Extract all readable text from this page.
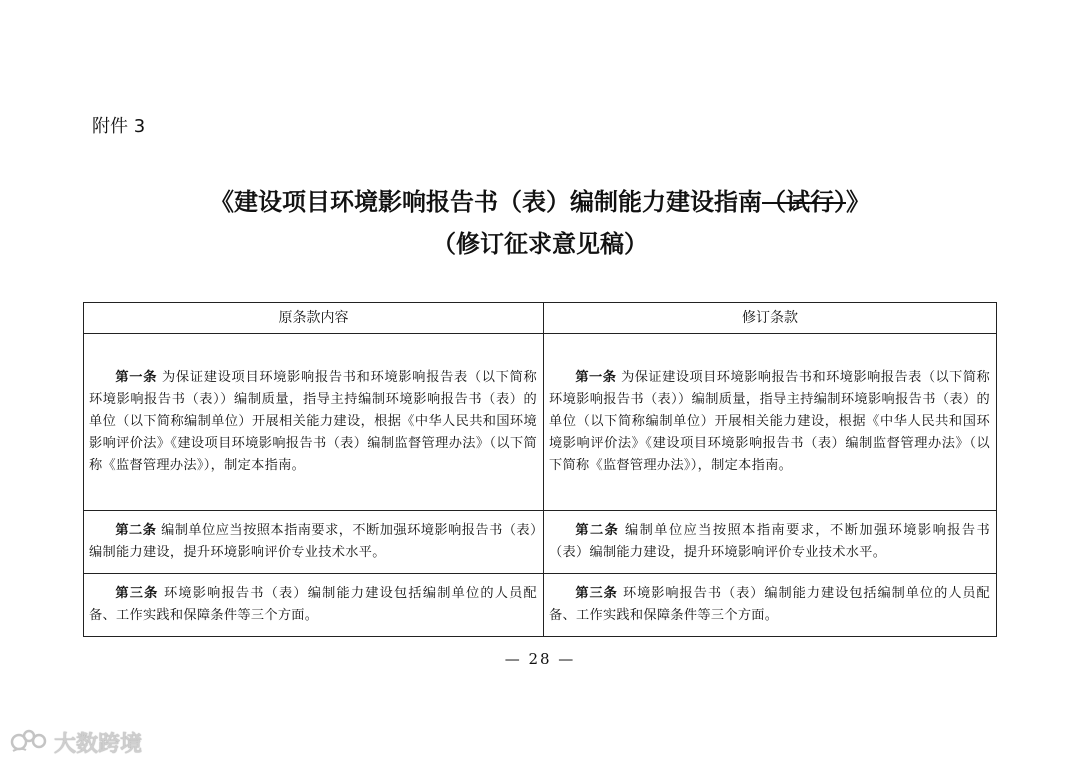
附件 3
《建设项目环境影响报告书（表）编制能力建设指南（试行）》
（修订征求意见稿）
原条款内容	修订条款

第一条 为保证建设项目环境影响报告书和环境影响报告表（以下简称环境影响报告书（表））编制质量，指导主持编制环境影响报告书（表）的单位（以下简称编制单位）开展相关能力建设，根据《中华人民共和国环境影响评价法》《建设项目环境影响报告书（表）编制监督管理办法》（以下简称《监督管理办法》），制定本指南。	第一条 为保证建设项目环境影响报告书和环境影响报告表（以下简称环境影响报告书（表））编制质量，指导主持编制环境影响报告书（表）的单位（以下简称编制单位）开展相关能力建设，根据《中华人民共和国环境影响评价法》《建设项目环境影响报告书（表）编制监督管理办法》（以下简称《监督管理办法》），制定本指南。

第二条 编制单位应当按照本指南要求，不断加强环境影响报告书（表）编制能力建设，提升环境影响评价专业技术水平。	第二条 编制单位应当按照本指南要求，不断加强环境影响报告书（表）编制能力建设，提升环境影响评价专业技术水平。

第三条 环境影响报告书（表）编制能力建设包括编制单位的人员配备、工作实践和保障条件等三个方面。	第三条 环境影响报告书（表）编制能力建设包括编制单位的人员配备、工作实践和保障条件等三个方面。
— 28 —
大数跨境
